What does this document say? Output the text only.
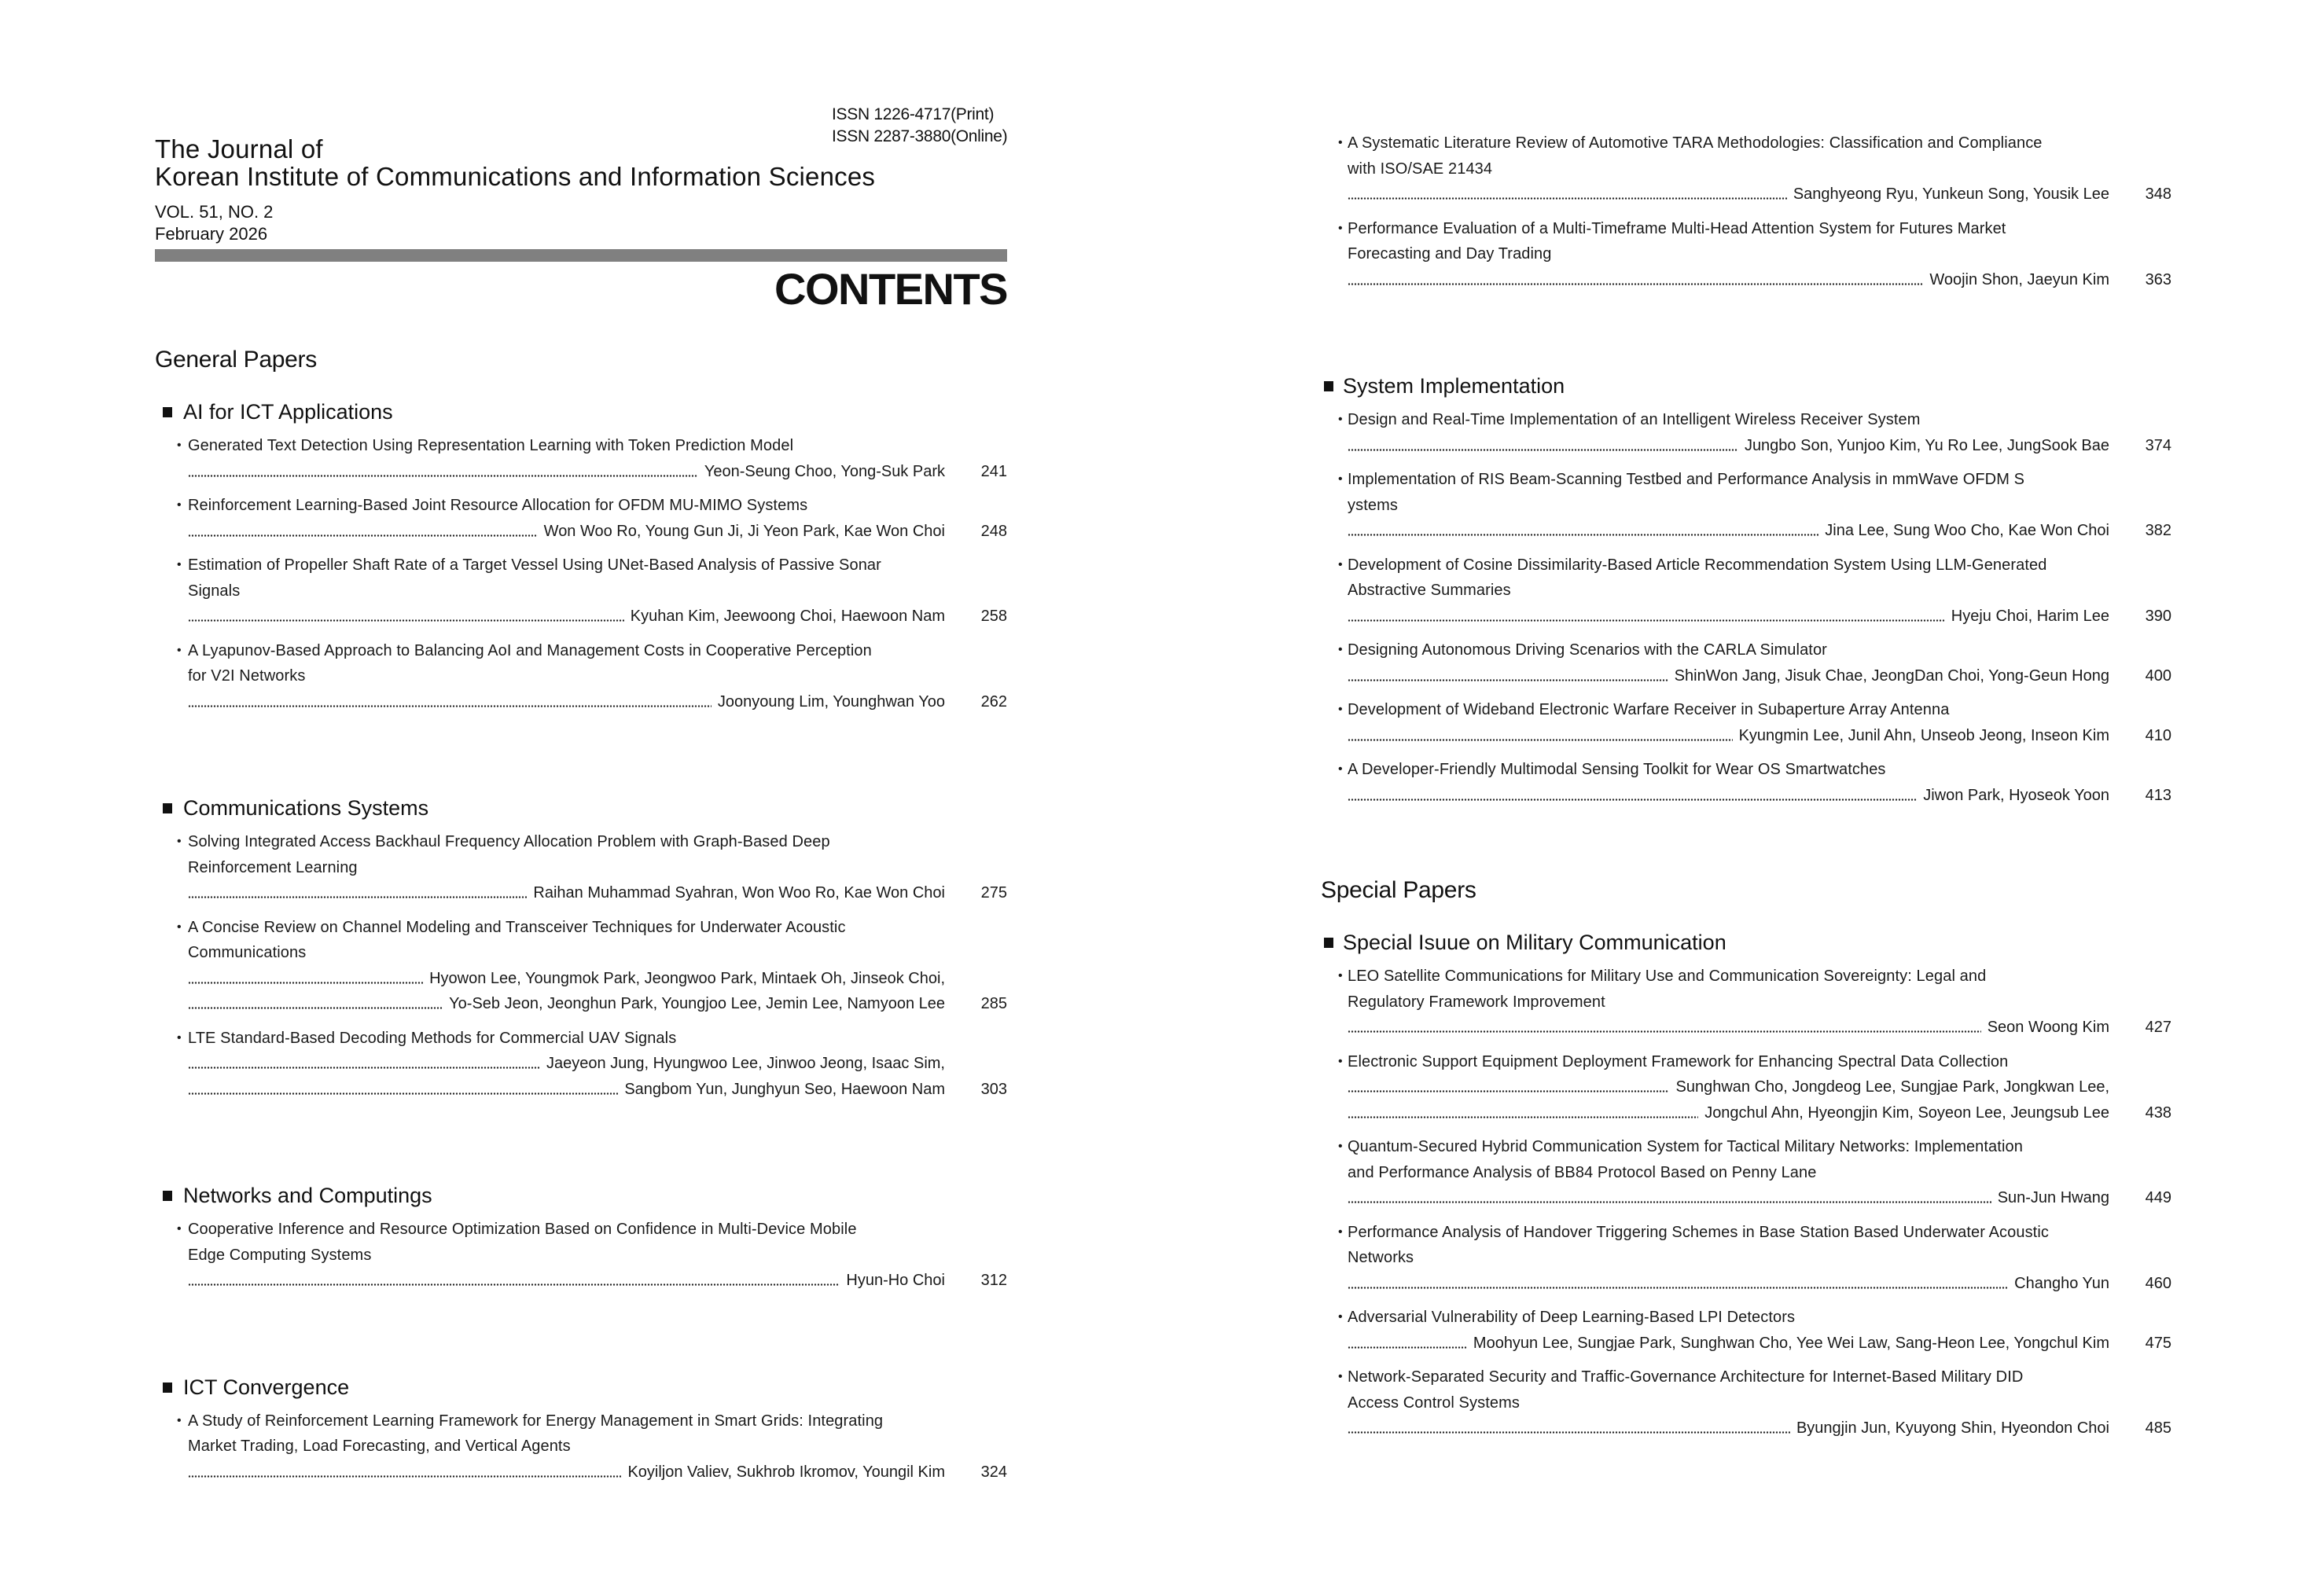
ISSN 1226-4717(Print)
ISSN 2287-3880(Online)
The Journal of
Korean Institute of Communications and Information Sciences
VOL. 51, NO. 2
February 2026
CONTENTS
General Papers
AI for ICT Applications
• Generated Text Detection Using Representation Learning with Token Prediction Model
Yeon-Seung Choo, Yong-Suk Park	241
• Reinforcement Learning-Based Joint Resource Allocation for OFDM MU-MIMO Systems
Won Woo Ro, Young Gun Ji, Ji Yeon Park, Kae Won Choi	248
• Estimation of Propeller Shaft Rate of a Target Vessel Using UNet-Based Analysis of Passive Sonar
Signals
Kyuhan Kim, Jeewoong Choi, Haewoon Nam	258
• A Lyapunov-Based Approach to Balancing AoI and Management Costs in Cooperative Perception
for V2I Networks
Joonyoung Lim, Younghwan Yoo	262
Communications Systems
• Solving Integrated Access Backhaul Frequency Allocation Problem with Graph-Based Deep
Reinforcement Learning
Raihan Muhammad Syahran, Won Woo Ro, Kae Won Choi	275
• A Concise Review on Channel Modeling and Transceiver Techniques for Underwater Acoustic
Communications
Hyowon Lee, Youngmok Park, Jeongwoo Park, Mintaek Oh, Jinseok Choi,
Yo-Seb Jeon, Jeonghun Park, Youngjoo Lee, Jemin Lee, Namyoon Lee	285
• LTE Standard-Based Decoding Methods for Commercial UAV Signals
Jaeyeon Jung, Hyungwoo Lee, Jinwoo Jeong, Isaac Sim,
Sangbom Yun, Junghyun Seo, Haewoon Nam	303
Networks and Computings
• Cooperative Inference and Resource Optimization Based on Confidence in Multi-Device Mobile
Edge Computing Systems
Hyun-Ho Choi	312
ICT Convergence
• A Study of Reinforcement Learning Framework for Energy Management in Smart Grids: Integrating
Market Trading, Load Forecasting, and Vertical Agents
Koyiljon Valiev, Sukhrob Ikromov, Youngil Kim	324
• A Systematic Literature Review of Automotive TARA Methodologies: Classification and Compliance
with ISO/SAE 21434
Sanghyeong Ryu, Yunkeun Song, Yousik Lee	348
• Performance Evaluation of a Multi-Timeframe Multi-Head Attention System for Futures Market
Forecasting and Day Trading
Woojin Shon, Jaeyun Kim	363
System Implementation
• Design and Real-Time Implementation of an Intelligent Wireless Receiver System
Jungbo Son, Yunjoo Kim, Yu Ro Lee, JungSook Bae	374
• Implementation of RIS Beam-Scanning Testbed and Performance Analysis in mmWave OFDM S
ystems
Jina Lee, Sung Woo Cho, Kae Won Choi	382
• Development of Cosine Dissimilarity-Based Article Recommendation System Using LLM-Generated
Abstractive Summaries
Hyeju Choi, Harim Lee	390
• Designing Autonomous Driving Scenarios with the CARLA Simulator
ShinWon Jang, Jisuk Chae, JeongDan Choi, Yong-Geun Hong	400
• Development of Wideband Electronic Warfare Receiver in Subaperture Array Antenna
Kyungmin Lee, Junil Ahn, Unseob Jeong, Inseon Kim	410
• A Developer-Friendly Multimodal Sensing Toolkit for Wear OS Smartwatches
Jiwon Park, Hyoseok Yoon	413
Special Papers
Special Isuue on Military Communication
• LEO Satellite Communications for Military Use and Communication Sovereignty: Legal and
Regulatory Framework Improvement
Seon Woong Kim	427
• Electronic Support Equipment Deployment Framework for Enhancing Spectral Data Collection
Sunghwan Cho, Jongdeog Lee, Sungjae Park, Jongkwan Lee,
Jongchul Ahn, Hyeongjin Kim, Soyeon Lee, Jeungsub Lee	438
• Quantum-Secured Hybrid Communication System for Tactical Military Networks: Implementation
and Performance Analysis of BB84 Protocol Based on Penny Lane
Sun-Jun Hwang	449
• Performance Analysis of Handover Triggering Schemes in Base Station Based Underwater Acoustic
Networks
Changho Yun	460
• Adversarial Vulnerability of Deep Learning-Based LPI Detectors
Moohyun Lee, Sungjae Park, Sunghwan Cho, Yee Wei Law, Sang-Heon Lee, Yongchul Kim	475
• Network-Separated Security and Traffic-Governance Architecture for Internet-Based Military DID
Access Control Systems
Byungjin Jun, Kyuyong Shin, Hyeondon Choi	485
